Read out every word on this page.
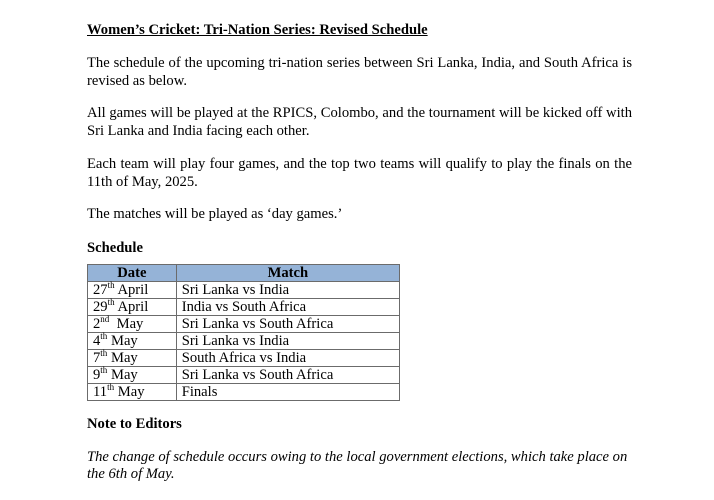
Women’s Cricket: Tri-Nation Series: Revised Schedule

The schedule of the upcoming tri-nation series between Sri Lanka, India, and South Africa is revised as below.

All games will be played at the RPICS, Colombo, and the tournament will be kicked off with Sri Lanka and India facing each other.

Each team will play four games, and the top two teams will qualify to play the finals on the 11th of May, 2025.

The matches will be played as ‘day games.’

Schedule

Date	Match
27th April	Sri Lanka vs India
29th April	India vs South Africa
2nd May	Sri Lanka vs South Africa
4th May	Sri Lanka vs India
7th May	South Africa vs India
9th May	Sri Lanka vs South Africa
11th May	Finals

Note to Editors

The change of schedule occurs owing to the local government elections, which take place on the 6th of May.
